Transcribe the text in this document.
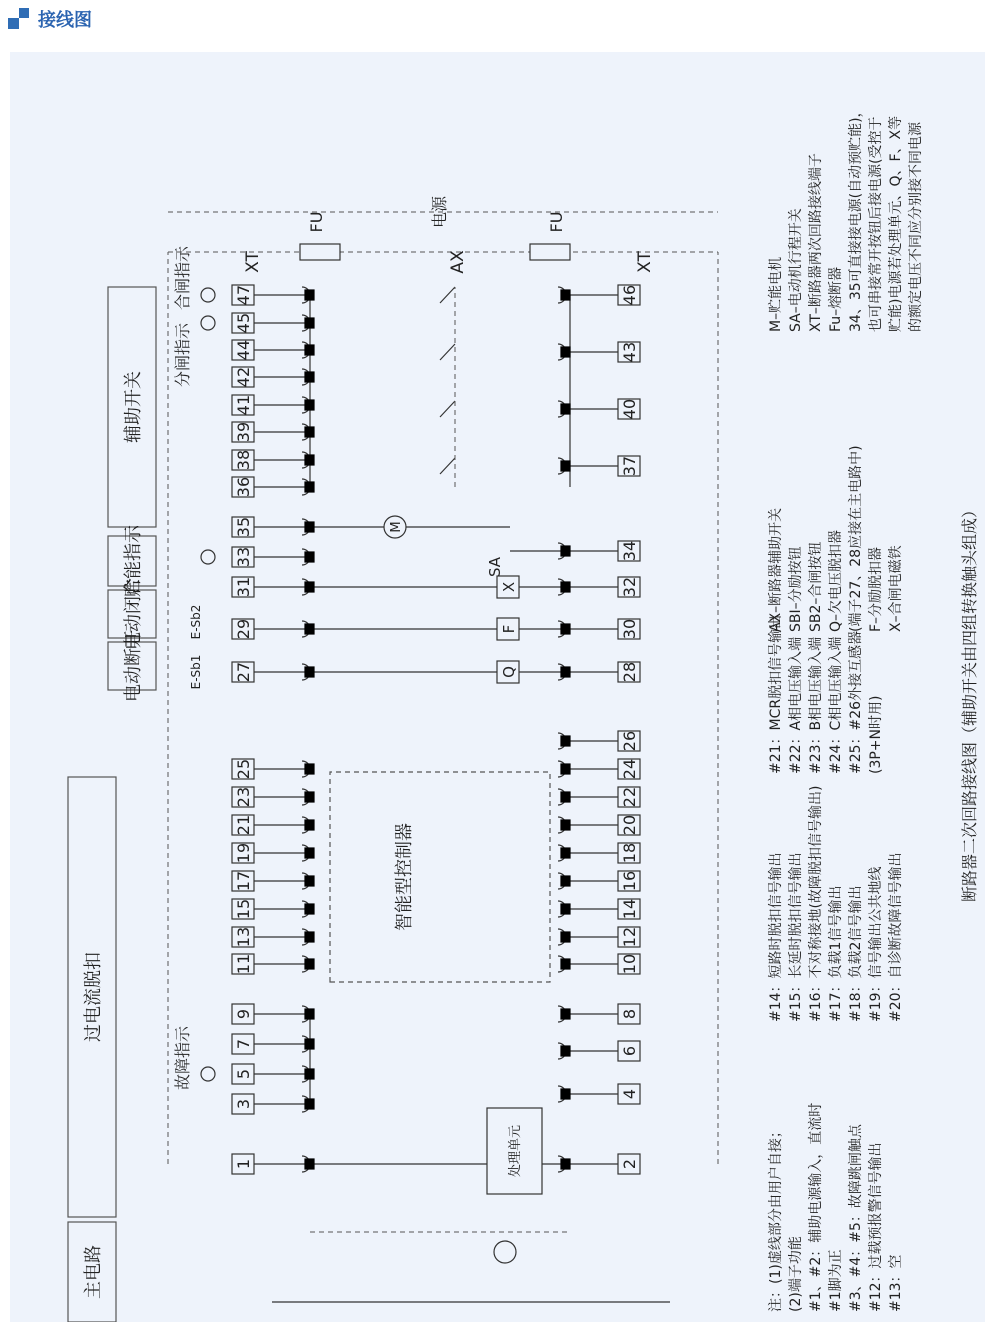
接线图
1
3
5
7
9
11
13
15
17
19
21
23
25
27
29
31
33
35
36
38
39
41
42
44
45
47
2
4
6
8
10
12
14
16
18
20
22
24
26
28
30
32
34
37
40
43
46
智能型控制器
处理单元
Q
F
X
M
SA
FU	FU
电源
XT	XT
AX
主电路
过电流脱扣
电动断开
电动闭合
贮能指示
辅助开关
故障指示
分闸指示
合闸指示
E-Sb1
E-Sb2
注：(1)虚线部分由用户自接； (2)端子功能 #1、#2：辅助电源输入，直流时 #1脚为正 #3、#4：#5：故障跳闸触点 #12：过载预报警信号输出 #13：空
#14：短路时脱扣信号输出 #15：长延时脱扣信号输出 #16：不对称接地(故障脱扣信号输出) #17：负载1信号输出 #18：负载2信号输出 #19：信号输出公共地线 #20：自诊断故障信号输出
#21：MCR脱扣信号输出 #22：A相电压输入端 #23：B相电压输入端 #24：C相电压输入端 #25：#26外接互感器 (3P+N时用)
AX–断路器辅助开关 SBI–分励按钮 SB2–合闸按钮 Q–欠电压脱扣器 (端子27、28应接在主电路中) F–分励脱扣器 X–合闸电磁铁
M–贮能电机 SA–电动机行程开关 XT–断路器两次回路接线端子 Fu–熔断器 34、35可直接接电源(自动预贮能)， 也可串接常开按钮后接电源(受控于 贮能)电源若处理单元、Q、F、X等 的额定电压不同应分别接不同电源
断路器二次回路接线图（辅助开关由四组转换触头组成）
